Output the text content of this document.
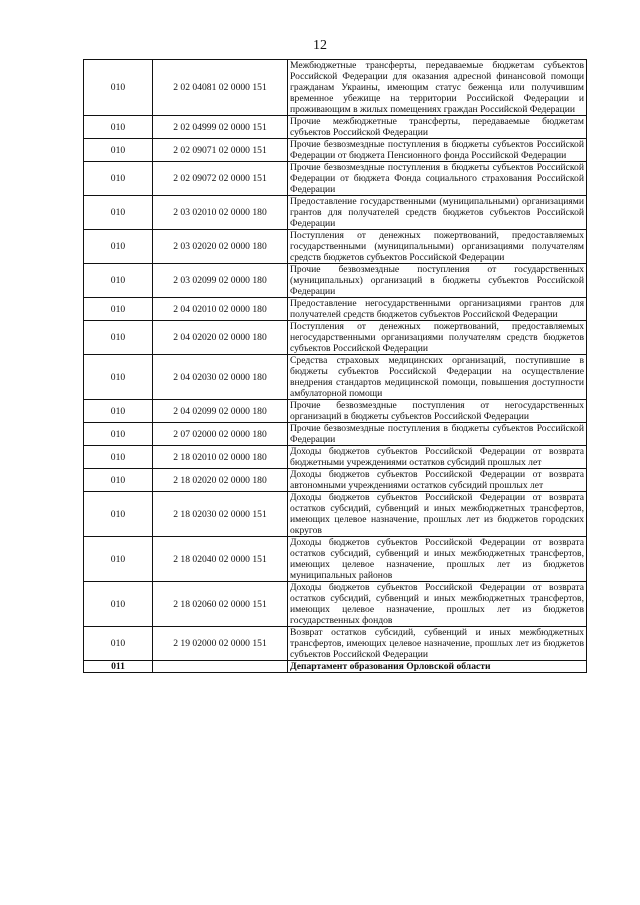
12
010	2 02 04081 02 0000 151	Межбюджетные трансферты, передаваемые бюджетам субъектов Российской Федерации для оказания адресной финансовой помощи гражданам Украины, имеющим статус беженца или получившим временное убежище на территории Российской Федерации и проживающим в жилых помещениях граждан Российской Федерации
010	2 02 04999 02 0000 151	Прочие межбюджетные трансферты, передаваемые бюджетам субъектов Российской Федерации
010	2 02 09071 02 0000 151	Прочие безвозмездные поступления в бюджеты субъектов Российской Федерации от бюджета Пенсионного фонда Российской Федерации
010	2 02 09072 02 0000 151	Прочие безвозмездные поступления в бюджеты субъектов Российской Федерации от бюджета Фонда социального страхования Российской Федерации
010	2 03 02010 02 0000 180	Предоставление государственными (муниципальными) организациями грантов для получателей средств бюджетов субъектов Российской Федерации
010	2 03 02020 02 0000 180	Поступления от денежных пожертвований, предоставляемых государственными (муниципальными) организациями получателям средств бюджетов субъектов Российской Федерации
010	2 03 02099 02 0000 180	Прочие безвозмездные поступления от государственных (муниципальных) организаций в бюджеты субъектов Российской Федерации
010	2 04 02010 02 0000 180	Предоставление негосударственными организациями грантов для получателей средств бюджетов субъектов Российской Федерации
010	2 04 02020 02 0000 180	Поступления от денежных пожертвований, предоставляемых негосударственными организациями получателям средств бюджетов субъектов Российской Федерации
010	2 04 02030 02 0000 180	Средства страховых медицинских организаций, поступившие в бюджеты субъектов Российской Федерации на осуществление внедрения стандартов медицинской помощи, повышения доступности амбулаторной помощи
010	2 04 02099 02 0000 180	Прочие безвозмездные поступления от негосударственных организаций в бюджеты субъектов Российской Федерации
010	2 07 02000 02 0000 180	Прочие безвозмездные поступления в бюджеты субъектов Российской Федерации
010	2 18 02010 02 0000 180	Доходы бюджетов субъектов Российской Федерации от возврата бюджетными учреждениями остатков субсидий прошлых лет
010	2 18 02020 02 0000 180	Доходы бюджетов субъектов Российской Федерации от возврата автономными учреждениями остатков субсидий прошлых лет
010	2 18 02030 02 0000 151	Доходы бюджетов субъектов Российской Федерации от возврата остатков субсидий, субвенций и иных межбюджетных трансфертов, имеющих целевое назначение, прошлых лет из бюджетов городских округов
010	2 18 02040 02 0000 151	Доходы бюджетов субъектов Российской Федерации от возврата остатков субсидий, субвенций и иных межбюджетных трансфертов, имеющих целевое назначение, прошлых лет из бюджетов муниципальных районов
010	2 18 02060 02 0000 151	Доходы бюджетов субъектов Российской Федерации от возврата остатков субсидий, субвенций и иных межбюджетных трансфертов, имеющих целевое назначение, прошлых лет из бюджетов государственных фондов
010	2 19 02000 02 0000 151	Возврат остатков субсидий, субвенций и иных межбюджетных трансфертов, имеющих целевое назначение, прошлых лет из бюджетов субъектов Российской Федерации
011		Департамент образования Орловской области
